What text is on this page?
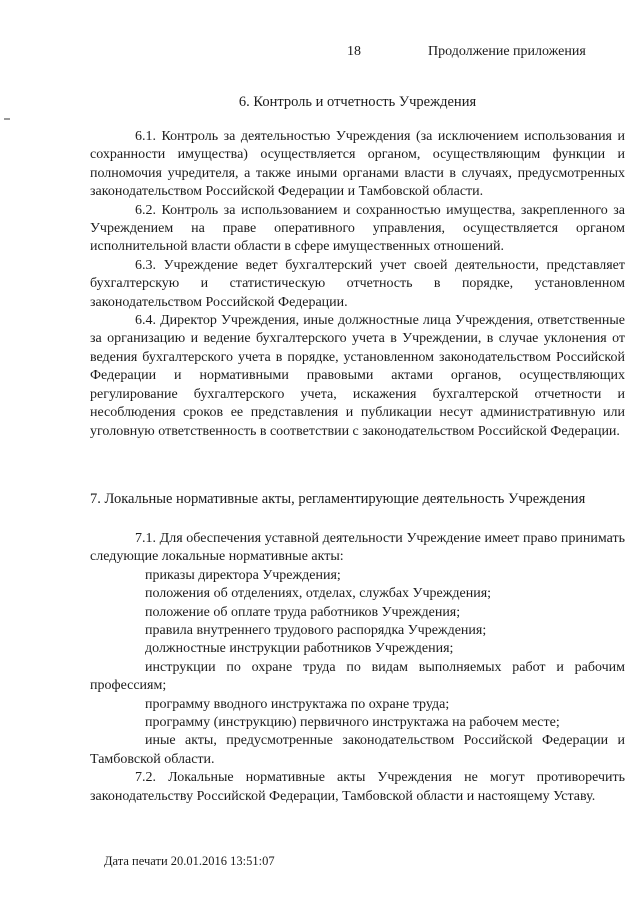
18	Продолжение приложения
6. Контроль и отчетность Учреждения

6.1. Контроль за деятельностью Учреждения (за исключением использования и сохранности имущества) осуществляется органом, осуществляющим функции и полномочия учредителя, а также иными органами власти в случаях, предусмотренных законодательством Российской Федерации и Тамбовской области.

6.2. Контроль за использованием и сохранностью имущества, закрепленного за Учреждением на праве оперативного управления, осуществляется органом исполнительной власти области в сфере имущественных отношений.

6.3. Учреждение ведет бухгалтерский учет своей деятельности, представляет бухгалтерскую и статистическую отчетность в порядке, установленном законодательством Российской Федерации.

6.4. Директор Учреждения, иные должностные лица Учреждения, ответственные за организацию и ведение бухгалтерского учета в Учреждении, в случае уклонения от ведения бухгалтерского учета в порядке, установленном законодательством Российской Федерации и нормативными правовыми актами органов, осуществляющих регулирование бухгалтерского учета, искажения бухгалтерской отчетности и несоблюдения сроков ее представления и публикации несут административную или уголовную ответственность в соответствии с законодательством Российской Федерации.

7. Локальные нормативные акты, регламентирующие деятельность Учреждения

7.1. Для обеспечения уставной деятельности Учреждение имеет право принимать следующие локальные нормативные акты:

приказы директора Учреждения;
положения об отделениях, отделах, службах Учреждения;
положение об оплате труда работников Учреждения;
правила внутреннего трудового распорядка Учреждения;
должностные инструкции работников Учреждения;
инструкции по охране труда по видам выполняемых работ и рабочим профессиям;
программу вводного инструктажа по охране труда;
программу (инструкцию) первичного инструктажа на рабочем месте;
иные акты, предусмотренные законодательством Российской Федерации и Тамбовской области.

7.2. Локальные нормативные акты Учреждения не могут противоречить законодательству Российской Федерации, Тамбовской области и настоящему Уставу.

Дата печати 20.01.2016 13:51:07
